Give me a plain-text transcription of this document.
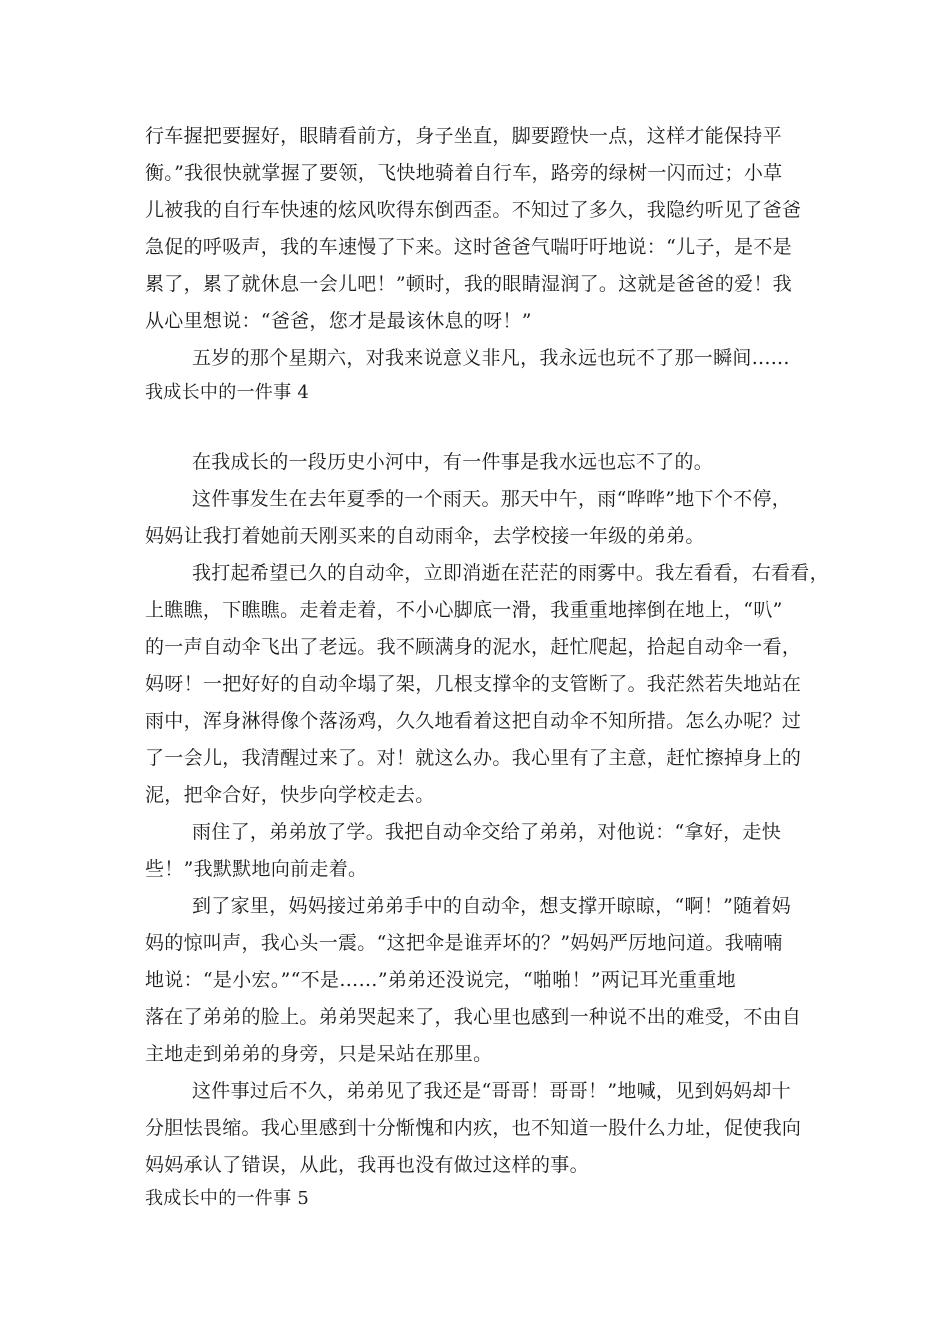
行车握把要握好，眼睛看前方，身子坐直，脚要蹬快一点，这样才能保持平
衡。”我很快就掌握了要领，飞快地骑着自行车，路旁的绿树一闪而过；小草
儿被我的自行车快速的炫风吹得东倒西歪。不知过了多久，我隐约听见了爸爸
急促的呼吸声，我的车速慢了下来。这时爸爸气喘吁吁地说：“儿子，是不是
累了，累了就休息一会儿吧！”顿时，我的眼睛湿润了。这就是爸爸的爱！我
从心里想说：“爸爸，您才是最该休息的呀！”
五岁的那个星期六，对我来说意义非凡，我永远也玩不了那一瞬间......
我成长中的一件事 4
在我成长的一段历史小河中，有一件事是我水远也忘不了的。
这件事发生在去年夏季的一个雨天。那天中午，雨“哗哗”地下个不停，
妈妈让我打着她前天刚买来的自动雨伞，去学校接一年级的弟弟。
我打起希望已久的自动伞，立即消逝在茫茫的雨雾中。我左看看，右看看，
上瞧瞧，下瞧瞧。走着走着，不小心脚底一滑，我重重地摔倒在地上，“叭”
的一声自动伞飞出了老远。我不顾满身的泥水，赶忙爬起，拾起自动伞一看，
妈呀！一把好好的自动伞塌了架，几根支撑伞的支管断了。我茫然若失地站在
雨中，浑身淋得像个落汤鸡，久久地看着这把自动伞不知所措。怎么办呢？过
了一会儿，我清醒过来了。对！就这么办。我心里有了主意，赶忙擦掉身上的
泥，把伞合好，快步向学校走去。
雨住了，弟弟放了学。我把自动伞交给了弟弟，对他说：“拿好，走快
些！”我默默地向前走着。
到了家里，妈妈接过弟弟手中的自动伞，想支撑开晾晾，“啊！”随着妈
妈的惊叫声，我心头一震。“这把伞是谁弄坏的？”妈妈严厉地问道。我喃喃
地说：“是小宏。”“不是……”弟弟还没说完，“啪啪！”两记耳光重重地
落在了弟弟的脸上。弟弟哭起来了，我心里也感到一种说不出的难受，不由自
主地走到弟弟的身旁，只是呆站在那里。
这件事过后不久，弟弟见了我还是“哥哥！哥哥！”地喊，见到妈妈却十
分胆怯畏缩。我心里感到十分惭愧和内疚，也不知道一股什么力址，促使我向
妈妈承认了错误，从此，我再也没有做过这样的事。
我成长中的一件事 5
